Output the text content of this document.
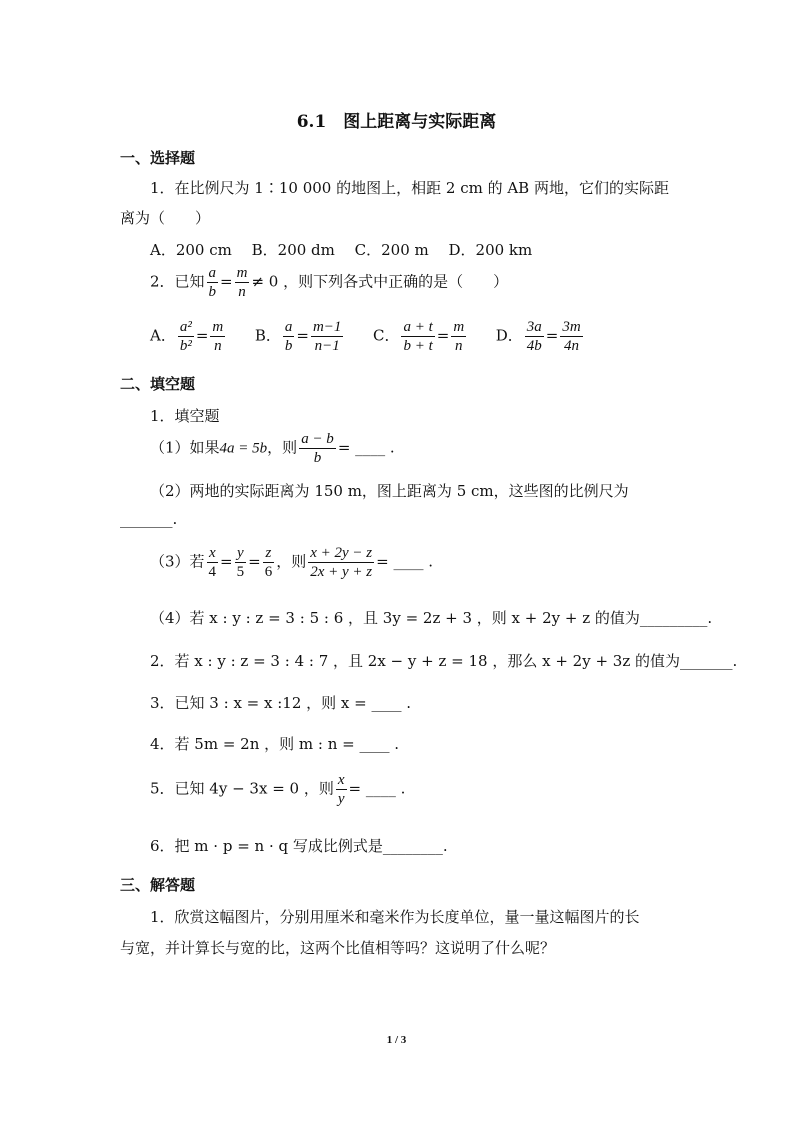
6.1　图上距离与实际距离
一、选择题
1．在比例尺为 1∶10 000 的地图上，相距 2 cm 的 AB 两地，它们的实际距
离为（　　）
A．200 cm　 B．200 dm　 C．200 m　 D．200 km
2．已知 $\frac{a}{b} = \frac{m}{n} \ne 0$ ，则下列各式中正确的是（　　）
A． $\frac{\text{a²}}{\text{b²}} = \frac{m}{n}$ B． $\frac{a}{b} = \frac{m-1}{n-1}$ C． $\frac{a + t}{b + t} = \frac{m}{n}$ D． $\frac{3a}{4b} = \frac{3m}{4n}$
二、填空题
1．填空题
（1）如果4a = 5b，则 $\frac{a - b}{b}$ = ____ .
（2）两地的实际距离为 150 m，图上距离为 5 cm，这些图的比例尺为
_______.
（3）若 $\frac{x}{4} = \frac{y}{5} = \frac{z}{6}$ ，则 $\frac{x + 2y - z}{2x + y + z}$ = ____ .
（4）若 x : y : z = 3 : 5 : 6 ，且 3y = 2z + 3 ，则 x + 2y + z 的值为_________.
2．若 x : y : z = 3 : 4 : 7 ，且 2x − y + z = 18 ，那么 x + 2y + 3z 的值为_______.
3．已知 3 : x = x :12 ，则 x = ____ .
4．若 5m = 2n ，则 m : n = ____ .
5．已知 4y − 3x = 0 ，则 $\frac{x}{y}$ = ____ .
6．把 m · p = n · q 写成比例式是________.
三、解答题
1．欣赏这幅图片，分别用厘米和毫米作为长度单位，量一量这幅图片的长
与宽，并计算长与宽的比，这两个比值相等吗？这说明了什么呢？
1 / 3
